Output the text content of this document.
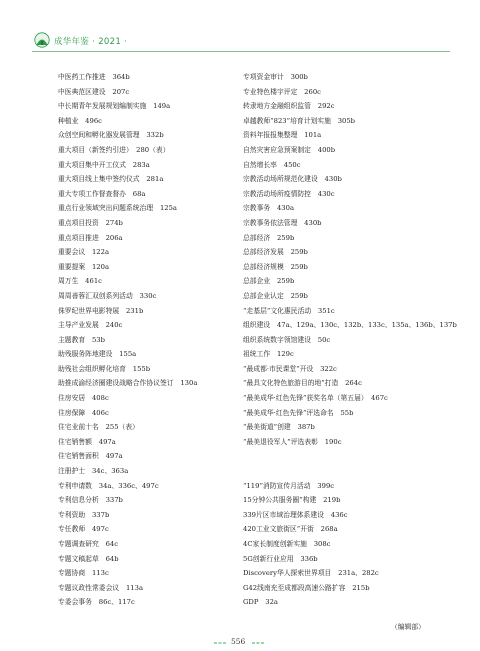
成华年鉴 · 2021 ·
中医药工作推进　364b
中医典范区建设　207c
中长期青年发展规划编制实施　149a
种植业　496c
众创空间和孵化器发展管理　332b
重大项目（新签约引进）　280（表）
重大项目集中开工仪式　283a
重大项目线上集中签约仪式　281a
重大专项工作督查督办　68a
重点行业领域突出问题系统治理　125a
重点项目投资　274b
重点项目推进　206a
重要会议　122a
重要提案　120a
周万生　461c
周周善蓉汇双创系列活动　330c
侏罗纪世界电影特展　231b
主导产业发展　240c
主题教育　53b
助残服务阵地建设　155a
助残社会组织孵化培育　155b
助推成渝经济圈建设战略合作协议签订　130a
住房安居　408c
住房保障　406c
住宅业前十名　255（表）
住宅销售额　497a
住宅销售面积　497a
注册护士　34c、363a
专利申请数　34a、336c、497c
专利信息分析　337b
专利资助　337b
专任教师　497c
专题调查研究　64c
专题文稿起草　64b
专题协商　113c
专题议政性常委会议　113a
专委会事务　86c、117c
专项资金审计　300b
专业特色楼宇评定　260c
转隶地方金融组织监管　292c
卓越教师“823”培育计划实施　305b
资料年报报集整理　101a
自然灾害应急预案制定　400b
自然增长率　450c
宗教活动场所规范化建设　430b
宗教活动场所疫情防控　430c
宗教事务　430a
宗教事务依法管理　430b
总部经济　259b
总部经济发展　259b
总部经济规模　259b
总部企业　259b
总部企业认定　259b
“走基层”文化惠民活动　351c
组织建设　47a、129a、130c、132b、133c、135a、136b、137b
组织系统数字领馆建设　50c
祖统工作　129c
“最成都·市民课堂”开设　322c
“最具文化特色旅游目的地”打造　264c
“最美成华·红色先锋”获奖名单（第五届）　467c
“最美成华·红色先锋”评选命名　55b
“最美街道”创建　387b
“最美退役军人”评选表彰　190c
“119”消防宣传月活动　399c
15分钟公共服务圈”构建　219b
339片区市域治理体系建设　436c
420工业文旅街区”开街　268a
4C家长制度创新实施　308c
5G创新行业应用　336b
Discovery华人探索世界项目　231a、282c
G42线南充至成都段高速公路扩容　215b
GDP　32a
（编辑部）
556
